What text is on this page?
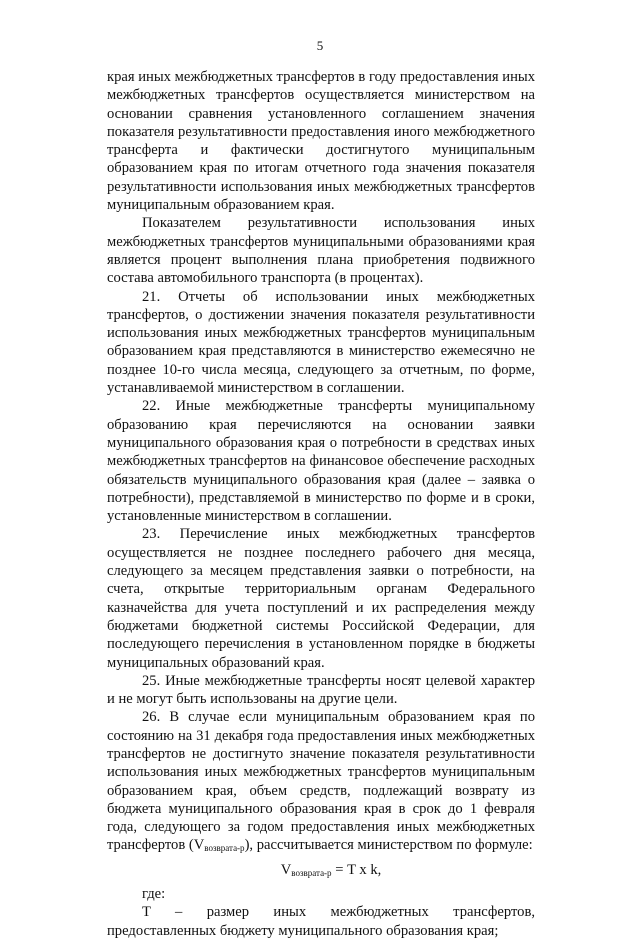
5

края иных межбюджетных трансфертов в году предоставления иных межбюджетных трансфертов осуществляется министерством на основании сравнения установленного соглашением значения показателя результативности предоставления иного межбюджетного трансферта и фактически достигнутого муниципальным образованием края по итогам отчетного года значения показателя результативности использования иных межбюджетных трансфертов муниципальным образованием края.

Показателем результативности использования иных межбюджетных трансфертов муниципальными образованиями края является процент выполнения плана приобретения подвижного состава автомобильного транспорта (в процентах).

21. Отчеты об использовании иных межбюджетных трансфертов, о достижении значения показателя результативности использования иных межбюджетных трансфертов муниципальным образованием края представляются в министерство ежемесячно не позднее 10-го числа месяца, следующего за отчетным, по форме, устанавливаемой министерством в соглашении.

22. Иные межбюджетные трансферты муниципальному образованию края перечисляются на основании заявки муниципального образования края о потребности в средствах иных межбюджетных трансфертов на финансовое обеспечение расходных обязательств муниципального образования края (далее – заявка о потребности), представляемой в министерство по форме и в сроки, установленные министерством в соглашении.

23. Перечисление иных межбюджетных трансфертов осуществляется не позднее последнего рабочего дня месяца, следующего за месяцем представления заявки о потребности, на счета, открытые территориальным органам Федерального казначейства для учета поступлений и их распределения между бюджетами бюджетной системы Российской Федерации, для последующего перечисления в установленном порядке в бюджеты муниципальных образований края.

25. Иные межбюджетные трансферты носят целевой характер и не могут быть использованы на другие цели.

26. В случае если муниципальным образованием края по состоянию на 31 декабря года предоставления иных межбюджетных трансфертов не достигнуто значение показателя результативности использования иных межбюджетных трансфертов муниципальным образованием края, объем средств, подлежащий возврату из бюджета муниципального образования края в срок до 1 февраля года, следующего за годом предоставления иных межбюджетных трансфертов $(V_{возврата-р})$, рассчитывается министерством по формуле:

$V_{возврата-р} = T$ x k,

где:

T – размер иных межбюджетных трансфертов, предоставленных бюджету муниципального образования края;
